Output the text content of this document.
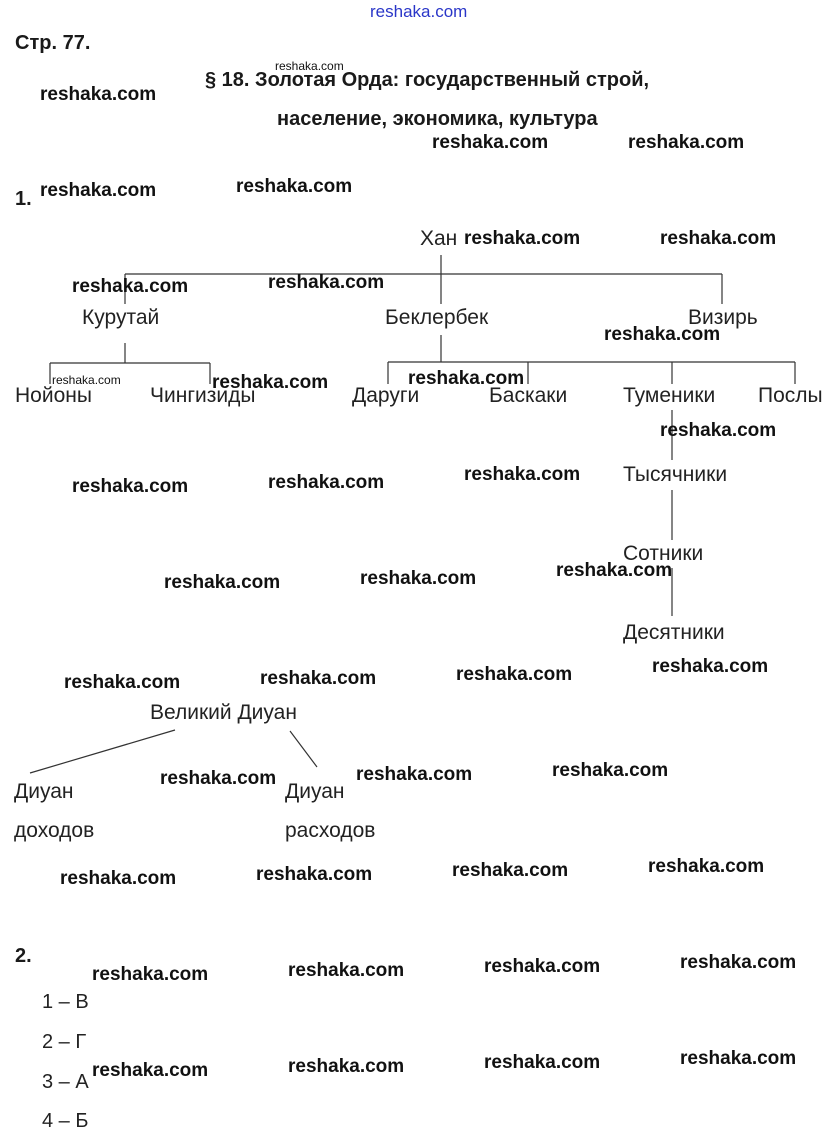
reshaka.com
Стр. 77.
§ 18. Золотая Орда: государственный строй,
население, экономика, культура
1.
Хан
Курутай	Беклербек	Визирь
Нойоны	Чингизиды	Даруги	Баскаки	Туменики Послы
Тысячники
Сотники
Десятники
Великий Диуан
Диуан
доходов
Диуан
расходов
2.
1 – В
2 – Г
3 – А
4 – Б
reshaka.com
reshaka.com
reshaka.com	reshaka.com
reshaka.com	reshaka.com
reshaka.com	reshaka.com
reshaka.com	reshaka.com
reshaka.com
reshaka.com	reshaka.com	reshaka.com
reshaka.com
reshaka.com
reshaka.com	reshaka.com
reshaka.com
reshaka.com	reshaka.com
reshaka.com
reshaka.com	reshaka.com	reshaka.com
reshaka.com	reshaka.com	reshaka.com
reshaka.com	reshaka.com	reshaka.com	reshaka.com
reshaka.com	reshaka.com	reshaka.com	reshaka.com
reshaka.com	reshaka.com	reshaka.com	reshaka.com
